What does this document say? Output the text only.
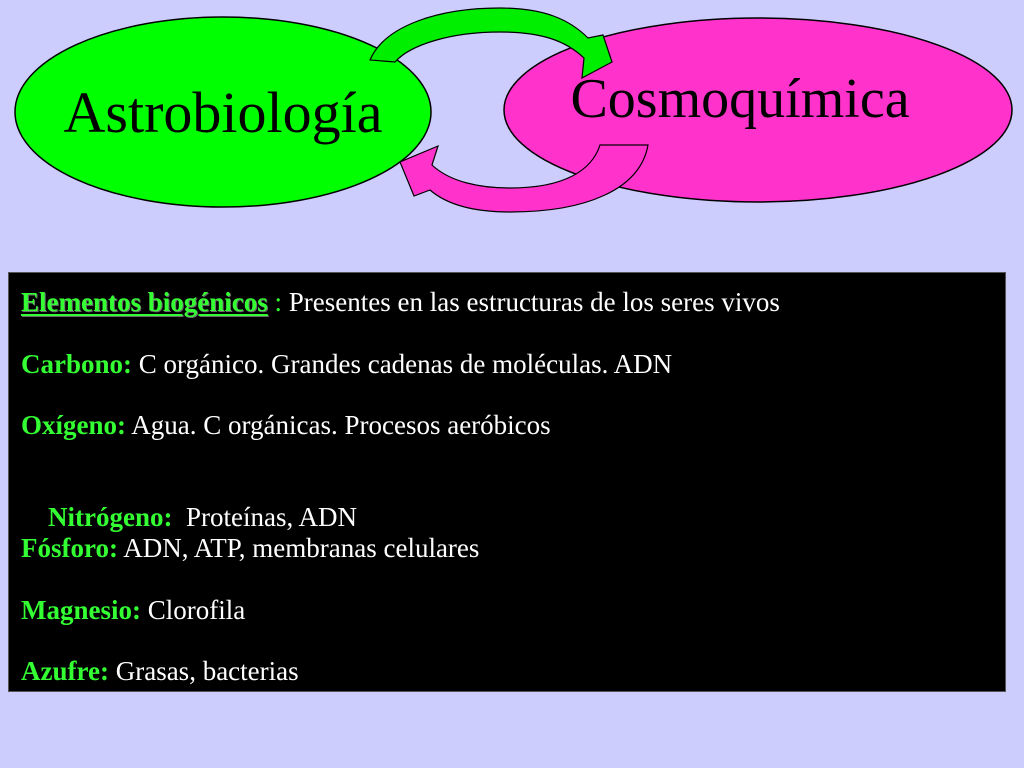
Astrobiología	Cosmoquímica
Elementos biogénicos : Presentes en las estructuras de los seres vivos
Carbono: C orgánico. Grandes cadenas de moléculas. ADN
Oxígeno: Agua. C orgánicas. Procesos aeróbicos

Nitrógeno:  Proteínas, ADN

Fósforo: ADN, ATP, membranas celulares
Magnesio: Clorofila
Azufre: Grasas, bacterias
